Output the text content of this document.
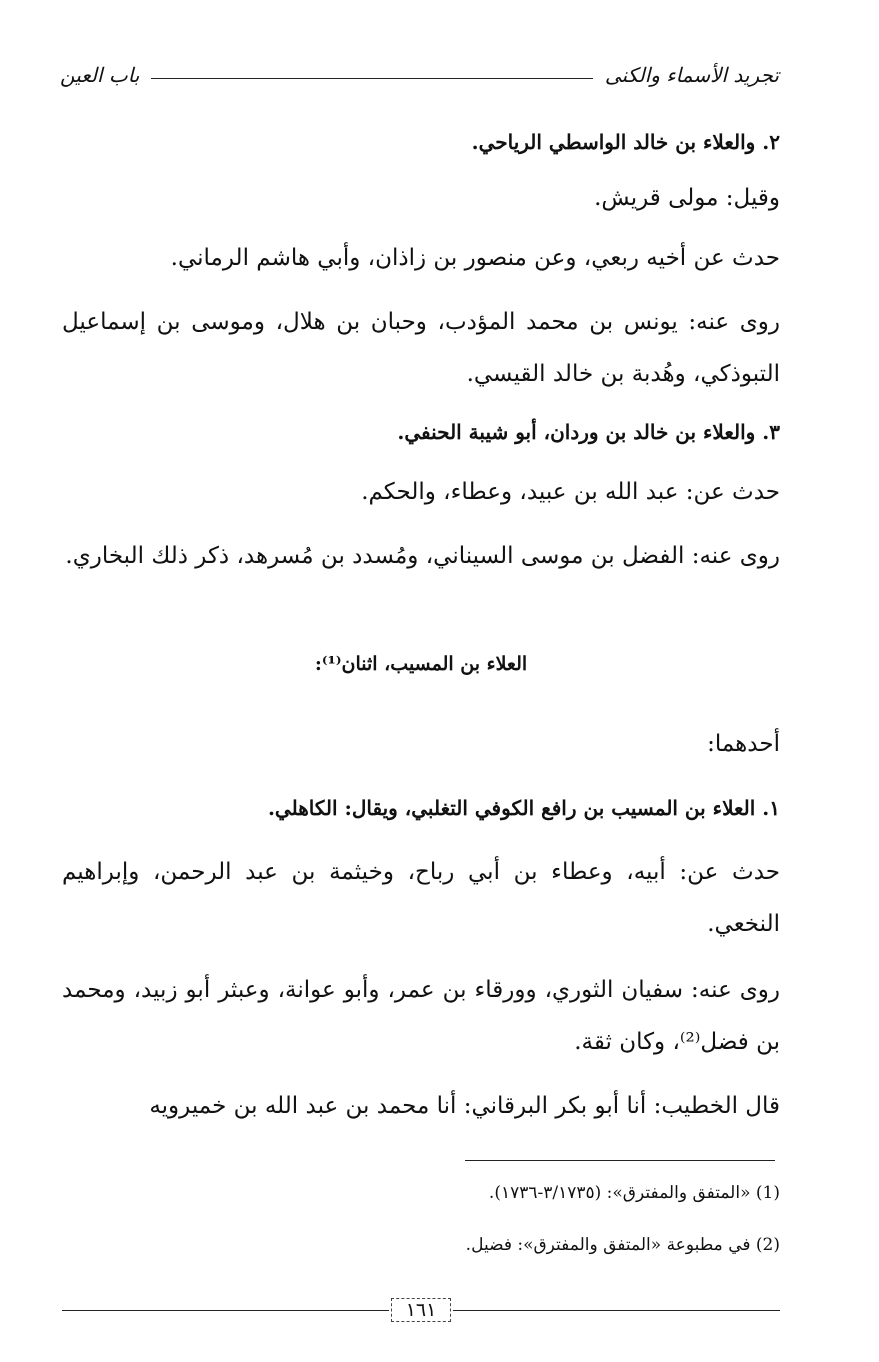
تجريد الأسماء والكنى
باب العين

٢. والعلاء بن خالد الواسطي الرياحي.

وقيل: مولى قريش.

حدث عن أخيه ربعي، وعن منصور بن زاذان، وأبي هاشم الرماني.

روى عنه: يونس بن محمد المؤدب، وحبان بن هلال، وموسى بن إسماعيل التبوذكي، وهُدبة بن خالد القيسي.

٣. والعلاء بن خالد بن وردان، أبو شيبة الحنفي.

حدث عن: عبد الله بن عبيد، وعطاء، والحكم.

روى عنه: الفضل بن موسى السيناني، ومُسدد بن مُسرهد، ذكر ذلك البخاري.

العلاء بن المسيب، اثنان⁽¹⁾:

أحدهما:

١. العلاء بن المسيب بن رافع الكوفي التغلبي، ويقال: الكاهلي.

حدث عن: أبيه، وعطاء بن أبي رباح، وخيثمة بن عبد الرحمن، وإبراهيم النخعي.

روى عنه: سفيان الثوري، وورقاء بن عمر، وأبو عوانة، وعبثر أبو زبيد، ومحمد بن فضل⁽²⁾، وكان ثقة.

قال الخطيب: أنا أبو بكر البرقاني: أنا محمد بن عبد الله بن خميرويه

(1) «المتفق والمفترق»: (٣/١٧٣٥-١٧٣٦).

(2) في مطبوعة «المتفق والمفترق»: فضيل.

١٦١
